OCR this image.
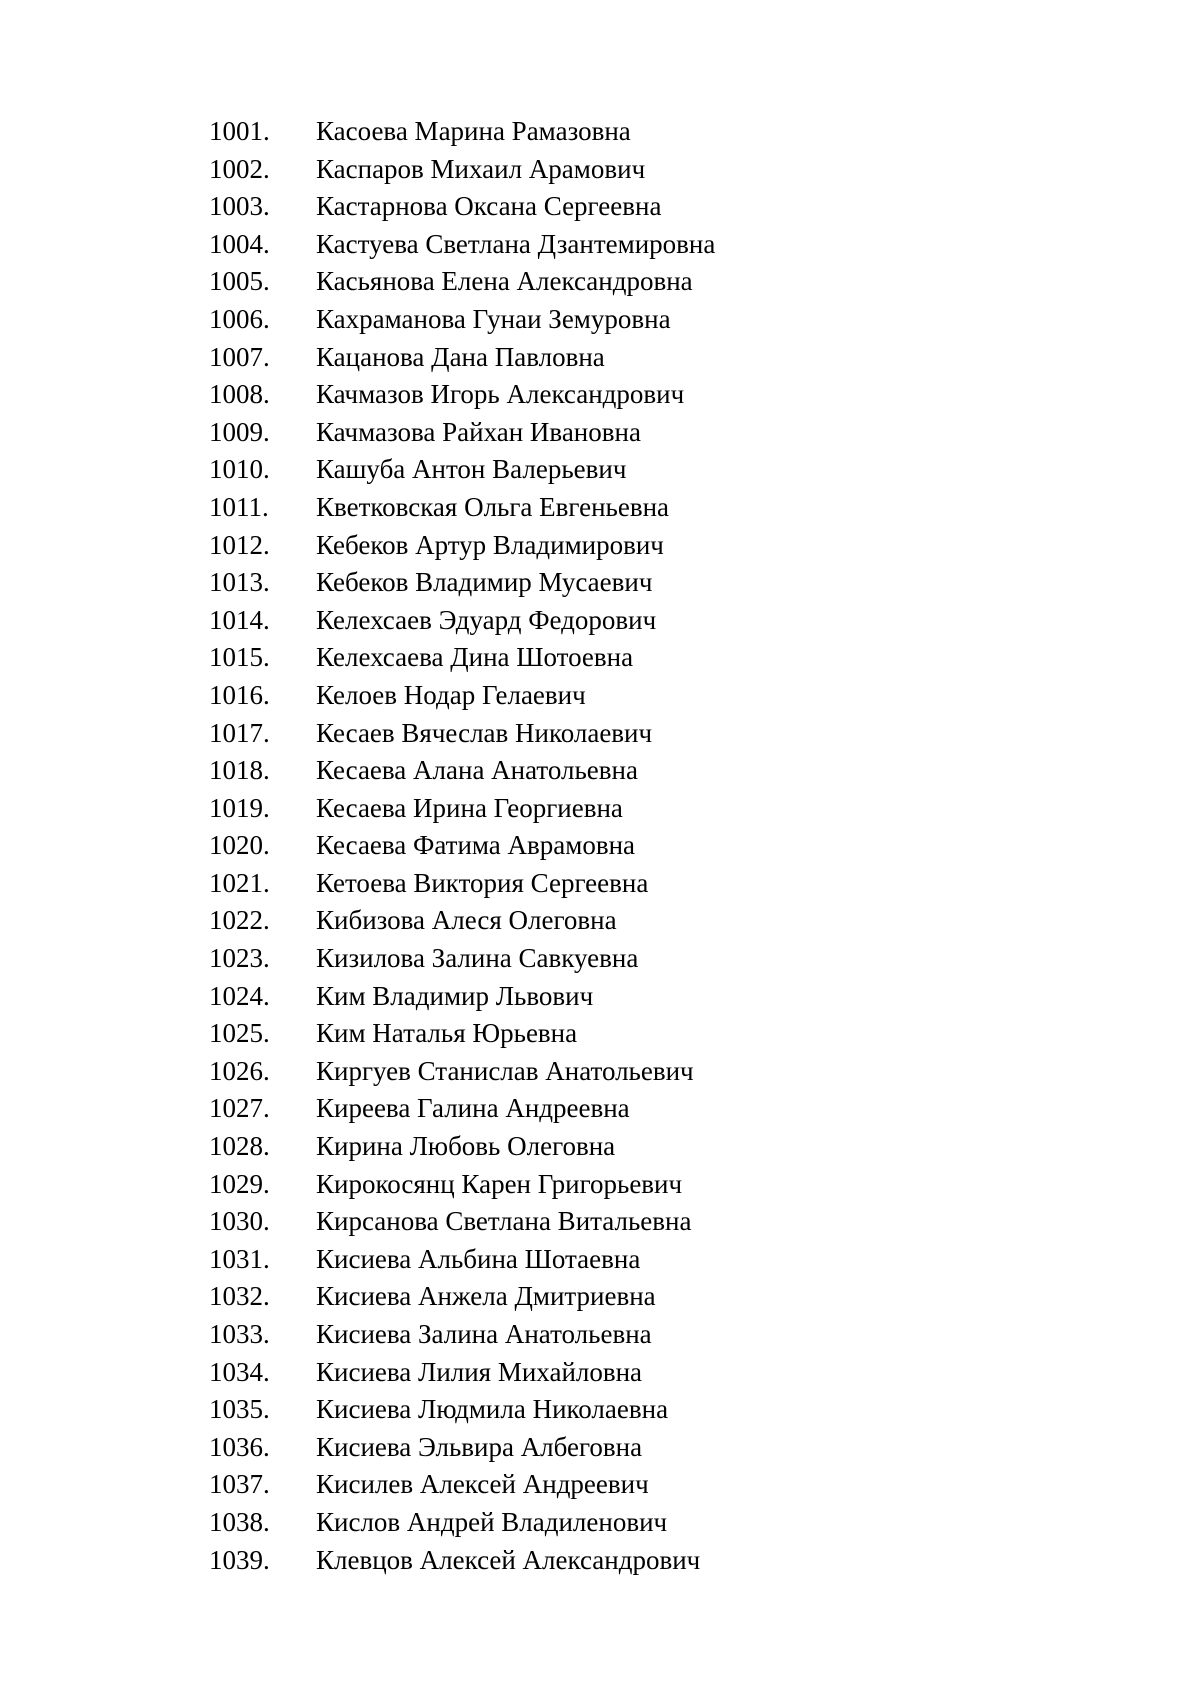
1001.	Касоева Марина Рамазовна
1002.	Каспаров Михаил Арамович
1003.	Кастарнова Оксана Сергеевна
1004.	Кастуева Светлана Дзантемировна
1005.	Касьянова Елена Александровна
1006.	Кахраманова Гунаи Земуровна
1007.	Кацанова Дана Павловна
1008.	Качмазов Игорь Александрович
1009.	Качмазова Райхан Ивановна
1010.	Кашуба Антон Валерьевич
1011.	Кветковская Ольга Евгеньевна
1012.	Кебеков Артур Владимирович
1013.	Кебеков Владимир Мусаевич
1014.	Келехсаев Эдуард Федорович
1015.	Келехсаева Дина Шотоевна
1016.	Келоев Нодар Гелаевич
1017.	Кесаев Вячеслав Николаевич
1018.	Кесаева Алана Анатольевна
1019.	Кесаева Ирина Георгиевна
1020.	Кесаева Фатима Аврамовна
1021.	Кетоева Виктория Сергеевна
1022.	Кибизова Алеся Олеговна
1023.	Кизилова Залина Савкуевна
1024.	Ким Владимир Львович
1025.	Ким Наталья Юрьевна
1026.	Киргуев Станислав Анатольевич
1027.	Киреева Галина Андреевна
1028.	Кирина Любовь Олеговна
1029.	Кирокосянц Карен Григорьевич
1030.	Кирсанова Светлана Витальевна
1031.	Кисиева Альбина Шотаевна
1032.	Кисиева Анжела Дмитриевна
1033.	Кисиева Залина Анатольевна
1034.	Кисиева Лилия Михайловна
1035.	Кисиева Людмила Николаевна
1036.	Кисиева Эльвира Албеговна
1037.	Кисилев Алексей Андреевич
1038.	Кислов Андрей Владиленович
1039.	Клевцов Алексей Александрович
